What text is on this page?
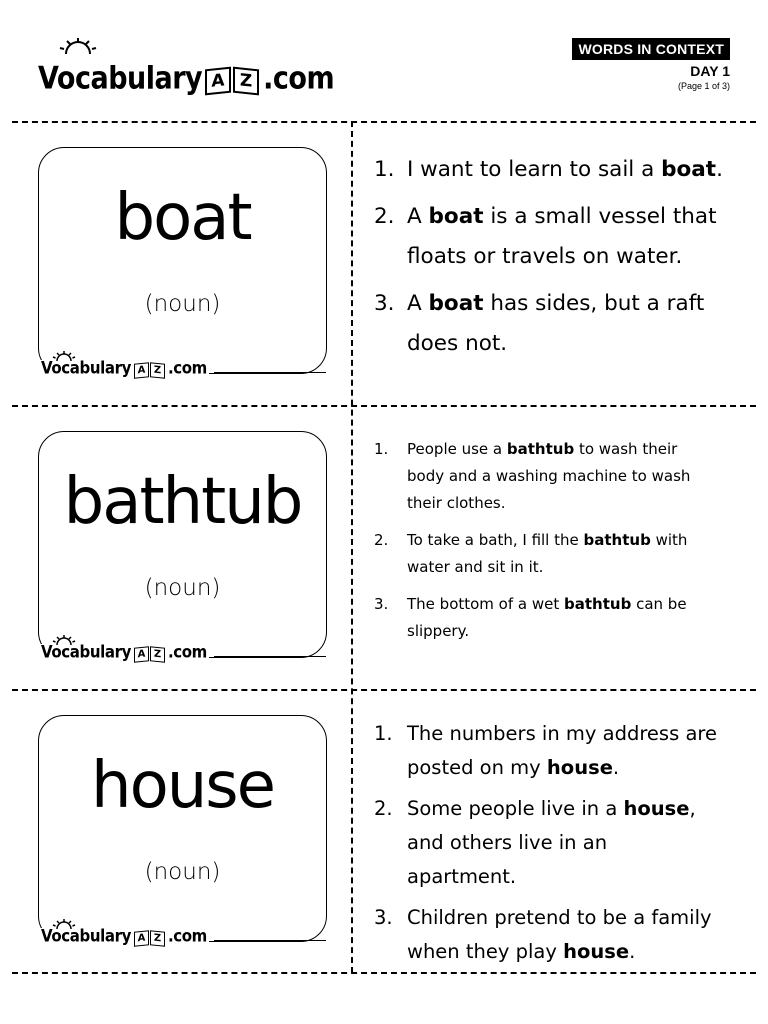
Vocabulary A Z .com
WORDS IN CONTEXT
DAY 1
(Page 1 of 3)
boat
(noun)
Vocabulary A Z .com
1. I want to learn to sail a boat.
2. A boat is a small vessel that floats or travels on water.
3. A boat has sides, but a raft does not.
bathtub
(noun)
Vocabulary A Z .com
1.	People use a bathtub to wash their body and a washing machine to wash their clothes.
2.	To take a bath, I fill the bathtub with water and sit in it.
3.	The bottom of a wet bathtub can be slippery.
house
(noun)
Vocabulary A Z .com
1. The numbers in my address are posted on my house.
2. Some people live in a house, and others live in an apartment.
3. Children pretend to be a family when they play house.
